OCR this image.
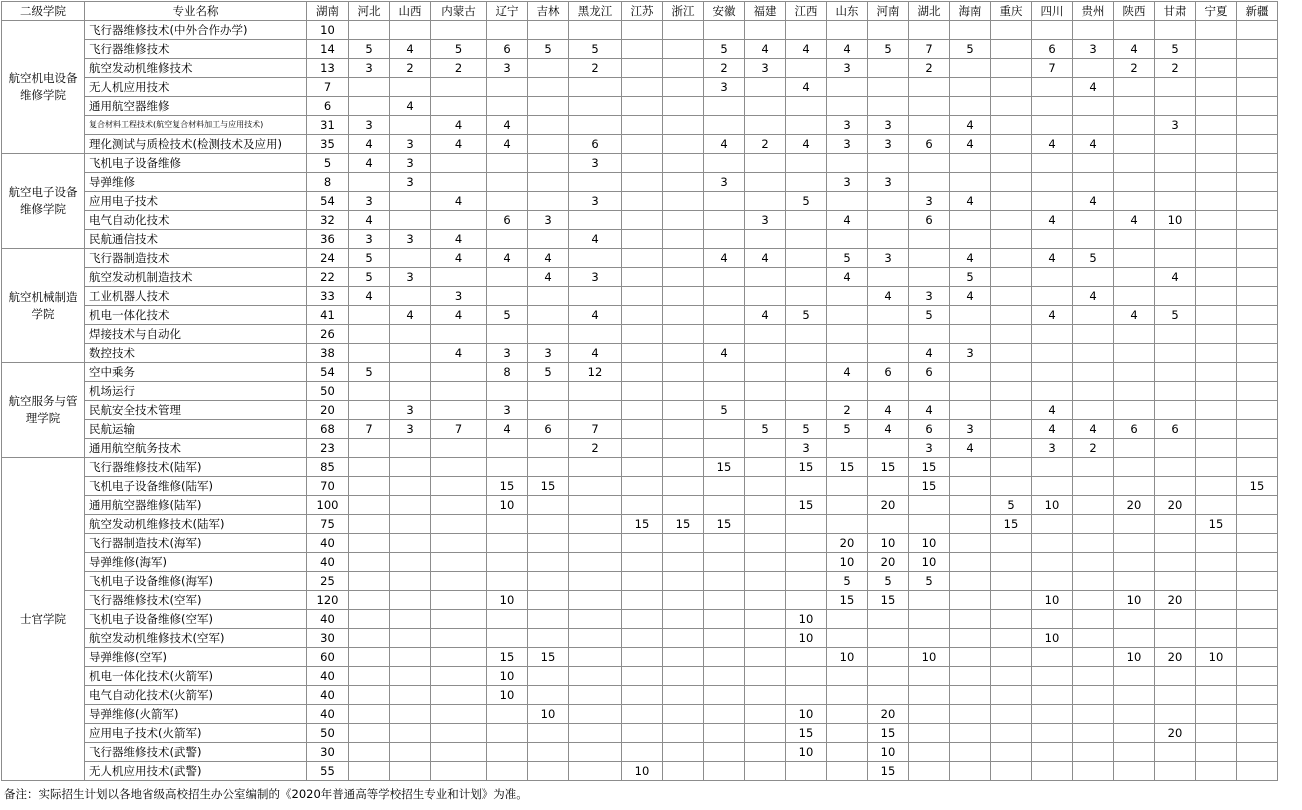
二级学院	专业名称	湖南	河北	山西	内蒙古	辽宁	吉林	黑龙江	江苏	浙江	安徽	福建	江西	山东	河南	湖北	海南	重庆	四川	贵州	陕西	甘肃	宁夏	新疆
航空机电设备维修学院	飞行器维修技术(中外合作办学)	10																						
	飞行器维修技术	14	5	4	5	6	5	5			5	4	4	4	5	7	5		6	3	4	5		
	航空发动机维修技术	13	3	2	2	3		2			2	3		3		2			7		2	2		
	无人机应用技术	7									3		4							4				
	通用航空器维修	6		4																				
	复合材料工程技术(航空复合材料加工与应用技术)	31	3		4	4								3	3		4					3		
	理化测试与质检技术(检测技术及应用)	35	4	3	4	4		6			4	2	4	3	3	6	4		4	4				
航空电子设备维修学院	飞机电子设备维修	5	4	3				3																
	导弹维修	8		3							3			3	3									
	应用电子技术	54	3		4			3					5			3	4			4				
	电气自动化技术	32	4			6	3					3		4		6			4		4	10		
	民航通信技术	36	3	3	4			4																
航空机械制造学院	飞行器制造技术	24	5		4	4	4				4	4		5	3		4		4	5				
	航空发动机制造技术	22	5	3			4	3						4			5					4		
	工业机器人技术	33	4		3										4	3	4			4				
	机电一体化技术	41		4	4	5		4				4	5			5			4		4	5		
	焊接技术与自动化	26																						
	数控技术	38			4	3	3	4			4					4	3							
航空服务与管理学院	空中乘务	54	5			8	5	12						4	6	6								
	机场运行	50																						
	民航安全技术管理	20		3		3					5			2	4	4			4					
	民航运输	68	7	3	7	4	6	7				5	5	5	4	6	3		4	4	6	6		
	通用航空航务技术	23						2					3			3	4		3	2				
士官学院	飞行器维修技术(陆军)	85									15		15	15	15	15								
	飞机电子设备维修(陆军)	70				15	15									15								15
	通用航空器维修(陆军)	100				10							15		20			5	10		20	20		
	航空发动机维修技术(陆军)	75							15	15	15							15					15	
	飞行器制造技术(海军)	40												20	10	10								
	导弹维修(海军)	40												10	20	10								
	飞机电子设备维修(海军)	25												5	5	5								
	飞行器维修技术(空军)	120				10								15	15				10		10	20		
	飞机电子设备维修(空军)	40											10											
	航空发动机维修技术(空军)	30											10						10					
	导弹维修(空军)	60				15	15							10		10					10	20	10	
	机电一体化技术(火箭军)	40				10																		
	电气自动化技术(火箭军)	40				10																		
	导弹维修(火箭军)	40					10						10		20									
	应用电子技术(火箭军)	50											15		15							20		
	飞行器维修技术(武警)	30											10		10									
	无人机应用技术(武警)	55							10						15									
备注：实际招生计划以各地省级高校招生办公室编制的《2020年普通高等学校招生专业和计划》为准。
